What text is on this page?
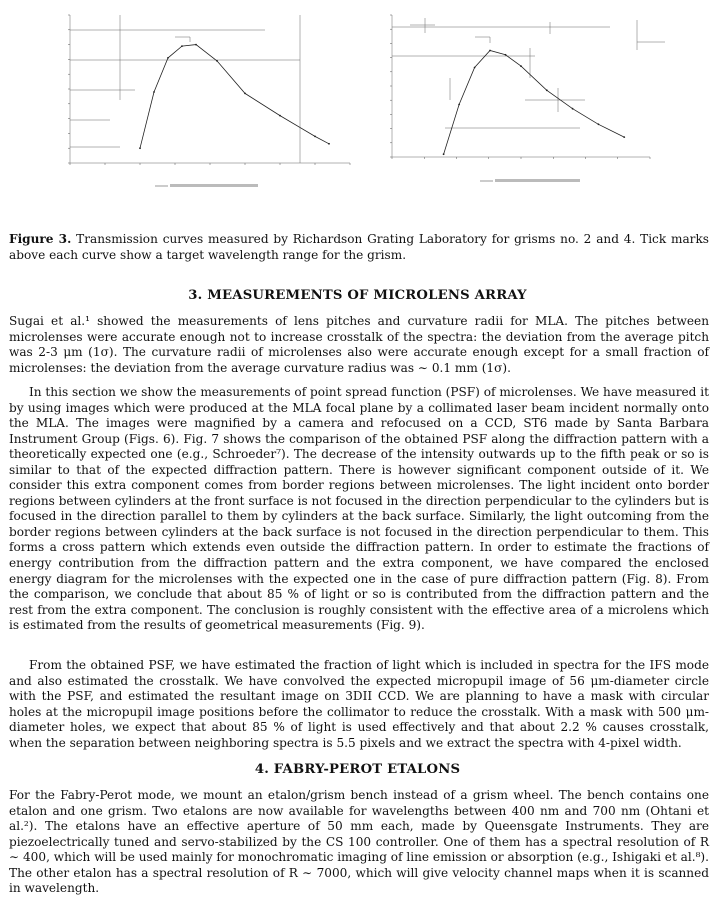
Figure 3. Transmission curves measured by Richardson Grating Laboratory for grisms no. 2 and 4. Tick marks above each curve show a target wavelength range for the grism.
3. MEASUREMENTS OF MICROLENS ARRAY

Sugai et al.¹ showed the measurements of lens pitches and curvature radii for MLA. The pitches between microlenses were accurate enough not to increase crosstalk of the spectra: the deviation from the average pitch was 2-3 μm (1σ). The curvature radii of microlenses also were accurate enough except for a small fraction of microlenses: the deviation from the average curvature radius was ∼ 0.1 mm (1σ).

In this section we show the measurements of point spread function (PSF) of microlenses. We have measured it by using images which were produced at the MLA focal plane by a collimated laser beam incident normally onto the MLA. The images were magnified by a camera and refocused on a CCD, ST6 made by Santa Barbara Instrument Group (Figs. 6). Fig. 7 shows the comparison of the obtained PSF along the diffraction pattern with a theoretically expected one (e.g., Schroeder⁷). The decrease of the intensity outwards up to the fifth peak or so is similar to that of the expected diffraction pattern. There is however significant component outside of it. We consider this extra component comes from border regions between microlenses. The light incident onto border regions between cylinders at the front surface is not focused in the direction perpendicular to the cylinders but is focused in the direction parallel to them by cylinders at the back surface. Similarly, the light outcoming from the border regions between cylinders at the back surface is not focused in the direction perpendicular to them. This forms a cross pattern which extends even outside the diffraction pattern. In order to estimate the fractions of energy contribution from the diffraction pattern and the extra component, we have compared the enclosed energy diagram for the microlenses with the expected one in the case of pure diffraction pattern (Fig. 8). From the comparison, we conclude that about 85 % of light or so is contributed from the diffraction pattern and the rest from the extra component. The conclusion is roughly consistent with the effective area of a microlens which is estimated from the results of geometrical measurements (Fig. 9).

From the obtained PSF, we have estimated the fraction of light which is included in spectra for the IFS mode and also estimated the crosstalk. We have convolved the expected micropupil image of 56 μm-diameter circle with the PSF, and estimated the resultant image on 3DII CCD. We are planning to have a mask with circular holes at the micropupil image positions before the collimator to reduce the crosstalk. With a mask with 500 μm-diameter holes, we expect that about 85 % of light is used effectively and that about 2.2 % causes crosstalk, when the separation between neighboring spectra is 5.5 pixels and we extract the spectra with 4-pixel width.

4. FABRY-PEROT ETALONS

For the Fabry-Perot mode, we mount an etalon/grism bench instead of a grism wheel. The bench contains one etalon and one grism. Two etalons are now available for wavelengths between 400 nm and 700 nm (Ohtani et al.²). The etalons have an effective aperture of 50 mm each, made by Queensgate Instruments. They are piezoelectrically tuned and servo-stabilized by the CS 100 controller. One of them has a spectral resolution of R ∼ 400, which will be used mainly for monochromatic imaging of line emission or absorption (e.g., Ishigaki et al.⁸). The other etalon has a spectral resolution of R ∼ 7000, which will give velocity channel maps when it is scanned in wavelength.
